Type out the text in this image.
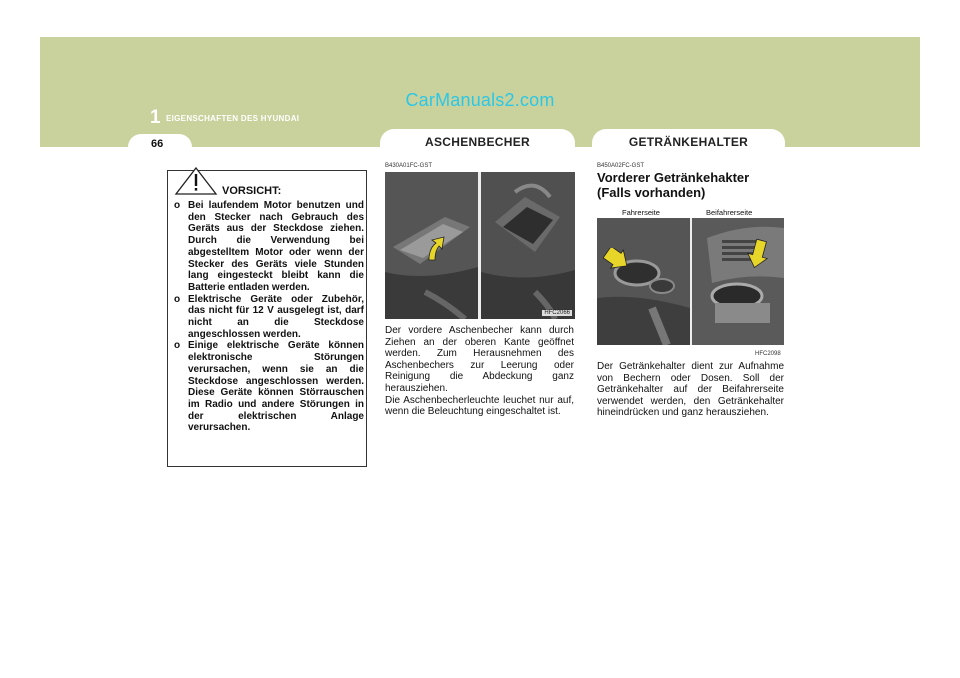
CarManuals2.com
1 EIGENSCHAFTEN DES HYUNDAI
66	ASCHENBECHER	GETRÄNKEHALTER
VORSICHT:
o Bei laufendem Motor benutzen und den Stecker nach Gebrauch des Geräts aus der Steckdose ziehen. Durch die Verwendung bei abgestelltem Motor oder wenn der Stecker des Geräts viele Stunden lang eingesteckt bleibt kann die Batterie entladen werden.
o Elektrische Geräte oder Zubehör, das nicht für 12 V ausgelegt ist, darf nicht an die Steckdose angeschlossen werden.
o Einige elektrische Geräte können elektronische Störungen verursachen, wenn sie an die Steckdose angeschlossen werden. Diese Geräte können Störrauschen im Radio und andere Störungen in der elektrischen Anlage verursachen.
B430A01FC-GST
HFC2066
Der vordere Aschenbecher kann durch Ziehen an der oberen Kante geöffnet werden. Zum Herausnehmen des Aschenbechers zur Leerung oder Reinigung die Abdeckung ganz herausziehen.
Die Aschenbecherleuchte leuchet nur auf, wenn die Beleuchtung eingeschaltet ist.
B450A02FC-GST
Vorderer Getränkehakter
(Falls vorhanden)
Fahrerseite	Beifahrerseite
HFC2098
Der Getränkehalter dient zur Aufnahme von Bechern oder Dosen. Soll der Getränkehalter auf der Beifahrerseite verwendet werden, den Getränkehalter hineindrücken und ganz herausziehen.
